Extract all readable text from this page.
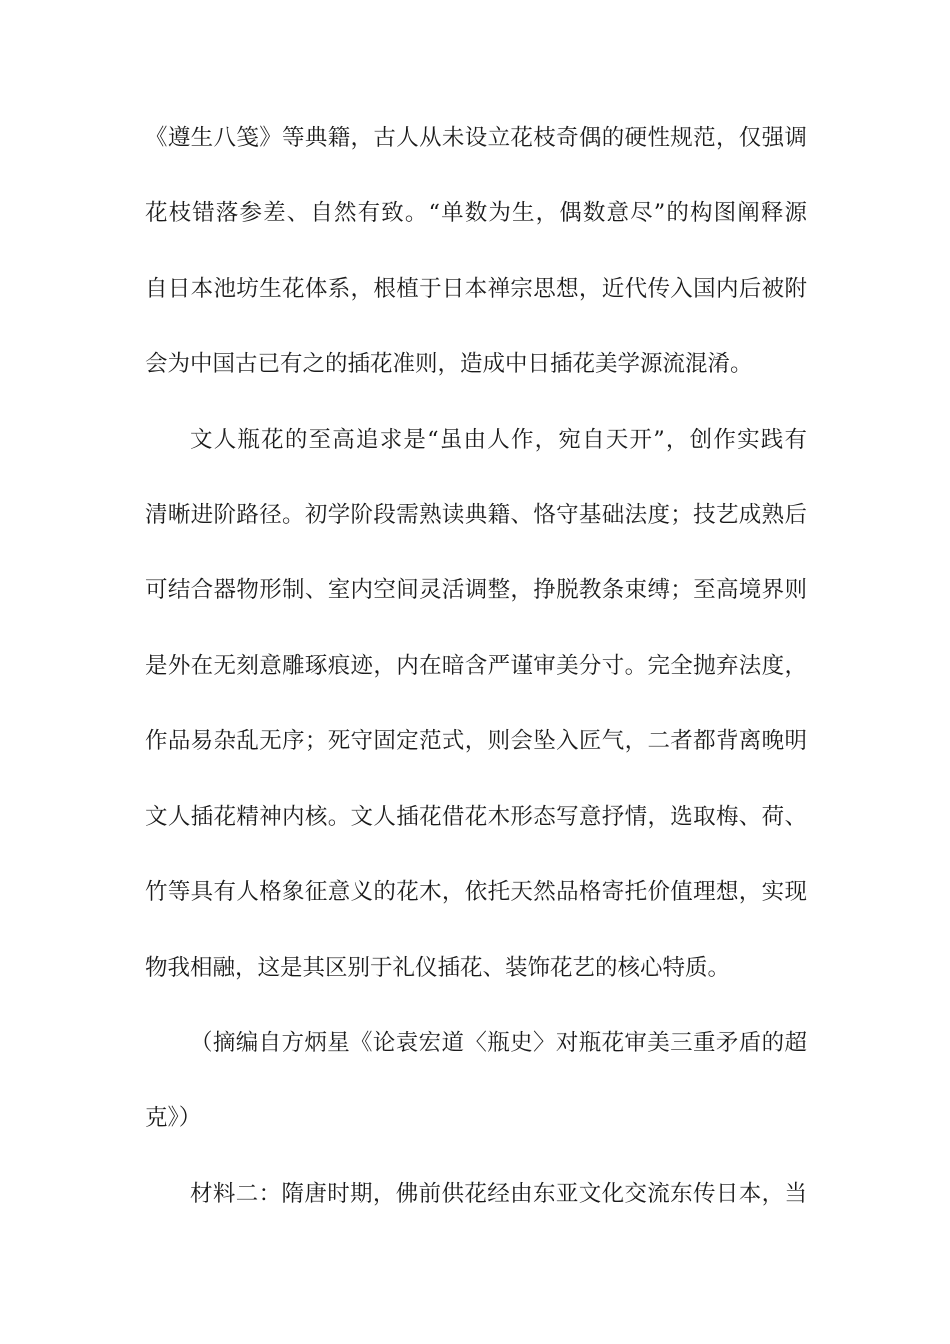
《遵生八笺》等典籍，古人从未设立花枝奇偶的硬性规范，仅强调
花枝错落参差、自然有致。“单数为生，偶数意尽”的构图阐释源
自日本池坊生花体系，根植于日本禅宗思想，近代传入国内后被附
会为中国古已有之的插花准则，造成中日插花美学源流混淆。
文人瓶花的至高追求是“虽由人作，宛自天开”，创作实践有
清晰进阶路径。初学阶段需熟读典籍、恪守基础法度；技艺成熟后
可结合器物形制、室内空间灵活调整，挣脱教条束缚；至高境界则
是外在无刻意雕琢痕迹，内在暗含严谨审美分寸。完全抛弃法度，
作品易杂乱无序；死守固定范式，则会坠入匠气，二者都背离晚明
文人插花精神内核。文人插花借花木形态写意抒情，选取梅、荷、
竹等具有人格象征意义的花木，依托天然品格寄托价值理想，实现
物我相融，这是其区别于礼仪插花、装饰花艺的核心特质。
（摘编自方炳星《论袁宏道〈瓶史〉对瓶花审美三重矛盾的超
克》）
材料二：隋唐时期，佛前供花经由东亚文化交流东传日本，当
